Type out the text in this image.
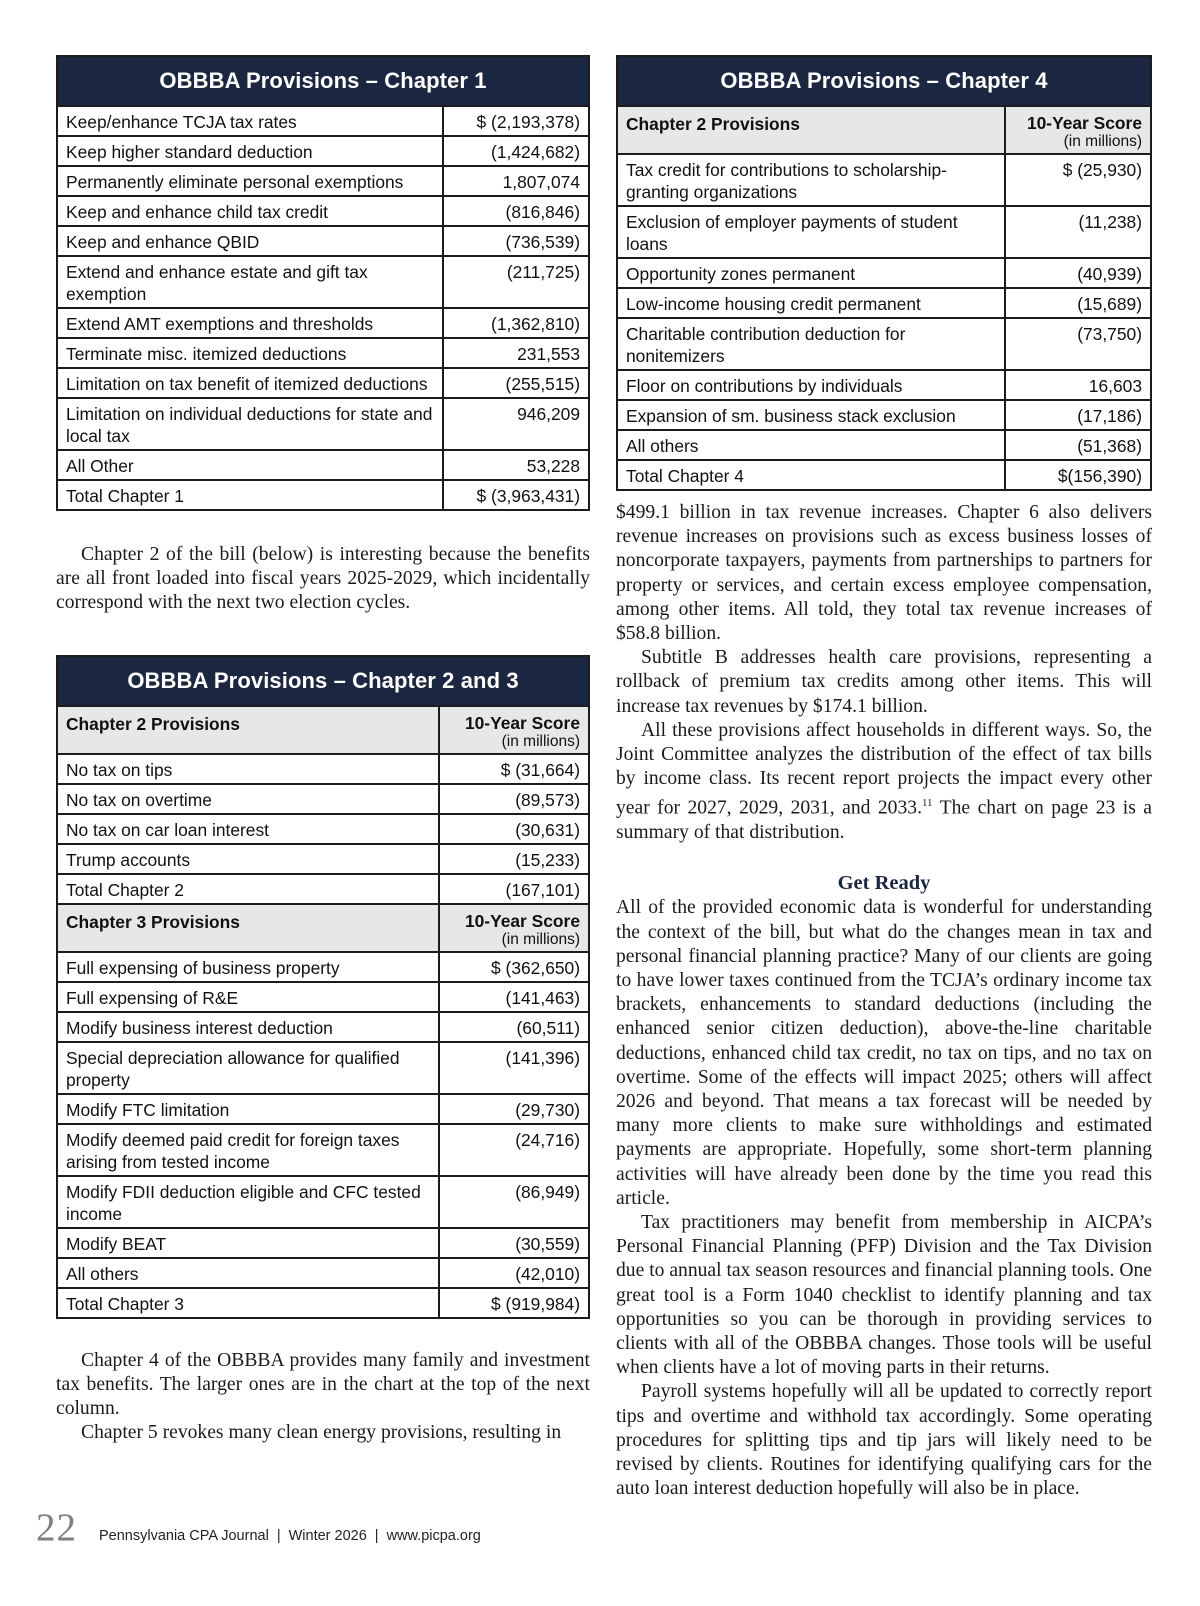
OBBBA Provisions – Chapter 1	
Keep/enhance TCJA tax rates	$ (2,193,378)
Keep higher standard deduction	(1,424,682)
Permanently eliminate personal exemptions	1,807,074
Keep and enhance child tax credit	(816,846)
Keep and enhance QBID	(736,539)
Extend and enhance estate and gift tax exemption	(211,725)
Extend AMT exemptions and thresholds	(1,362,810)
Terminate misc. itemized deductions	231,553
Limitation on tax benefit of itemized deductions	(255,515)
Limitation on individual deductions for state and local tax	946,209
All Other	53,228
Total Chapter 1	$ (3,963,431)

Chapter 2 of the bill (below) is interesting because the benefits are all front loaded into fiscal years 2025-2029, which incidentally correspond with the next two election cycles.

OBBBA Provisions – Chapter 2 and 3	
Chapter 2 Provisions	10-Year Score
(in millions)

No tax on tips	$ (31,664)
No tax on overtime	(89,573)
No tax on car loan interest	(30,631)
Trump accounts	(15,233)
Total Chapter 2	(167,101)
Chapter 3 Provisions	10-Year Score
(in millions)

Full expensing of business property	$ (362,650)
Full expensing of R&E	(141,463)
Modify business interest deduction	(60,511)
Special depreciation allowance for qualified property	(141,396)
Modify FTC limitation	(29,730)
Modify deemed paid credit for foreign taxes arising from tested income	(24,716)
Modify FDII deduction eligible and CFC tested income	(86,949)
Modify BEAT	(30,559)
All others	(42,010)
Total Chapter 3	$ (919,984)

Chapter 4 of the OBBBA provides many family and investment tax benefits. The larger ones are in the chart at the top of the next column.

Chapter 5 revokes many clean energy provisions, resulting in

OBBBA Provisions – Chapter 4	
Chapter 2 Provisions	10-Year Score
(in millions)

Tax credit for contributions to scholarship-granting organizations	$ (25,930)
Exclusion of employer payments of student loans	(11,238)
Opportunity zones permanent	(40,939)
Low-income housing credit permanent	(15,689)
Charitable contribution deduction for nonitemizers	(73,750)
Floor on contributions by individuals	16,603
Expansion of sm. business stack exclusion	(17,186)
All others	(51,368)
Total Chapter 4	$(156,390)

$499.1 billion in tax revenue increases. Chapter 6 also delivers revenue increases on provisions such as excess business losses of noncorporate taxpayers, payments from partnerships to partners for property or services, and certain excess employee compensation, among other items. All told, they total tax revenue increases of $58.8 billion.

Subtitle B addresses health care provisions, representing a rollback of premium tax credits among other items. This will increase tax revenues by $174.1 billion.

All these provisions affect households in different ways. So, the Joint Committee analyzes the distribution of the effect of tax bills by income class. Its recent report projects the impact every other year for 2027, 2029, 2031, and 2033.11 The chart on page 23 is a summary of that distribution.

Get Ready

All of the provided economic data is wonderful for understanding the context of the bill, but what do the changes mean in tax and personal financial planning practice? Many of our clients are going to have lower taxes continued from the TCJA’s ordinary income tax brackets, enhancements to standard deductions (including the enhanced senior citizen deduction), above-the-line charitable deductions, enhanced child tax credit, no tax on tips, and no tax on overtime. Some of the effects will impact 2025; others will affect 2026 and beyond. That means a tax forecast will be needed by many more clients to make sure withholdings and estimated payments are appropriate. Hopefully, some short-term planning activities will have already been done by the time you read this article.

Tax practitioners may benefit from membership in AICPA’s Personal Financial Planning (PFP) Division and the Tax Division due to annual tax season resources and financial planning tools. One great tool is a Form 1040 checklist to identify planning and tax opportunities so you can be thorough in providing services to clients with all of the OBBBA changes. Those tools will be useful when clients have a lot of moving parts in their returns.

Payroll systems hopefully will all be updated to correctly report tips and overtime and withhold tax accordingly. Some operating procedures for splitting tips and tip jars will likely need to be revised by clients. Routines for identifying qualifying cars for the auto loan interest deduction hopefully will also be in place.

22 Pennsylvania CPA Journal | Winter 2026 | www.picpa.org
